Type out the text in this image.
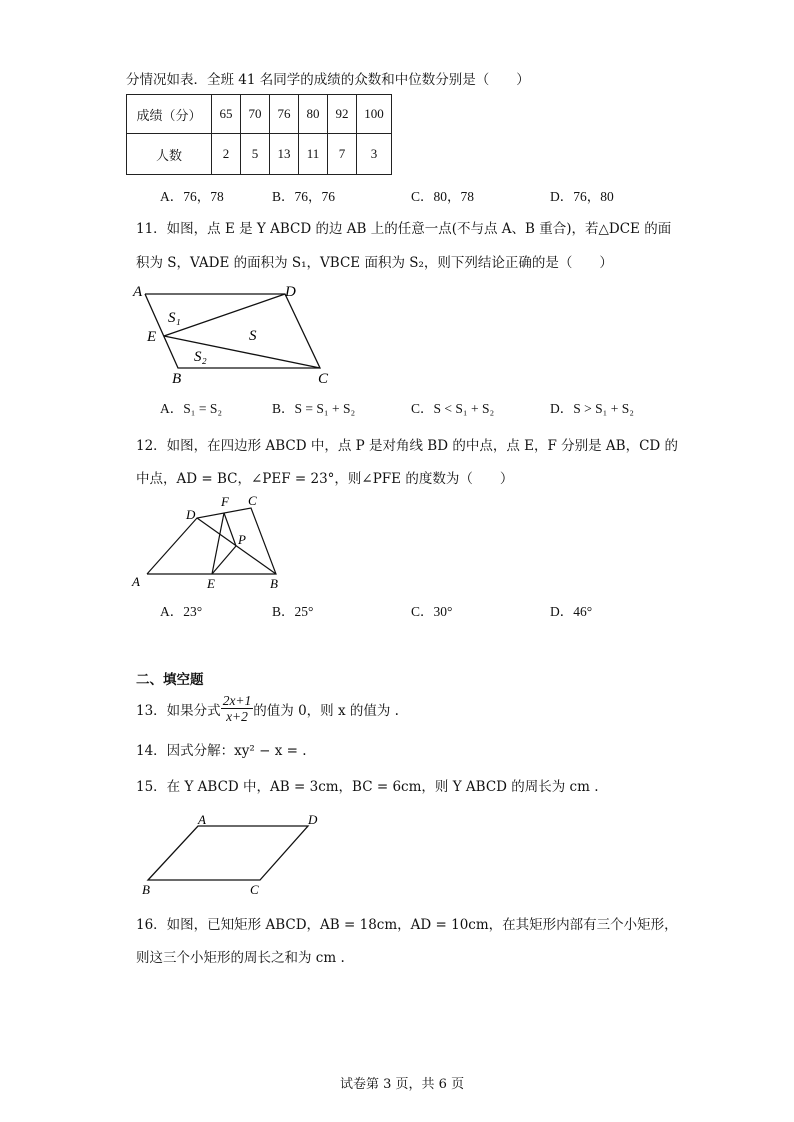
分情况如表．全班 41 名同学的成绩的众数和中位数分别是（　　）
成绩（分）	65	70	76	80	92	100
人数	2	5	13	11	7	3
A．76，78	B．76，76	C．80，78	D．76，80
11．如图，点 E 是 Y ABCD 的边 AB 上的任意一点(不与点 A、B 重合)，若△DCE 的面
积为 S，VADE 的面积为 S₁，VBCE 面积为 S₂，则下列结论正确的是（　　）
A	D
E
B	C
S₁
S
S₂
A．S₁ = S₂	B．S = S₁ + S₂	C．S < S₁ + S₂	D．S > S₁ + S₂
12．如图，在四边形 ABCD 中，点 P 是对角线 BD 的中点，点 E，F 分别是 AB，CD 的
中点，AD = BC，∠PEF = 23°，则∠PFE 的度数为（　　）
D
F C
P
A	E	B
A．23°	B．25°	C．30°	D．46°
二、填空题
13．如果分式 $\frac{2x+1}{x+2}$ 的值为 0，则 x 的值为 .
14．因式分解：xy² − x = .
15．在 Y ABCD 中，AB = 3cm，BC = 6cm，则 Y ABCD 的周长为 cm .
A	D
B	C
16．如图，已知矩形 ABCD，AB = 18cm，AD = 10cm，在其矩形内部有三个小矩形，
则这三个小矩形的周长之和为 cm .
试卷第 3 页，共 6 页
